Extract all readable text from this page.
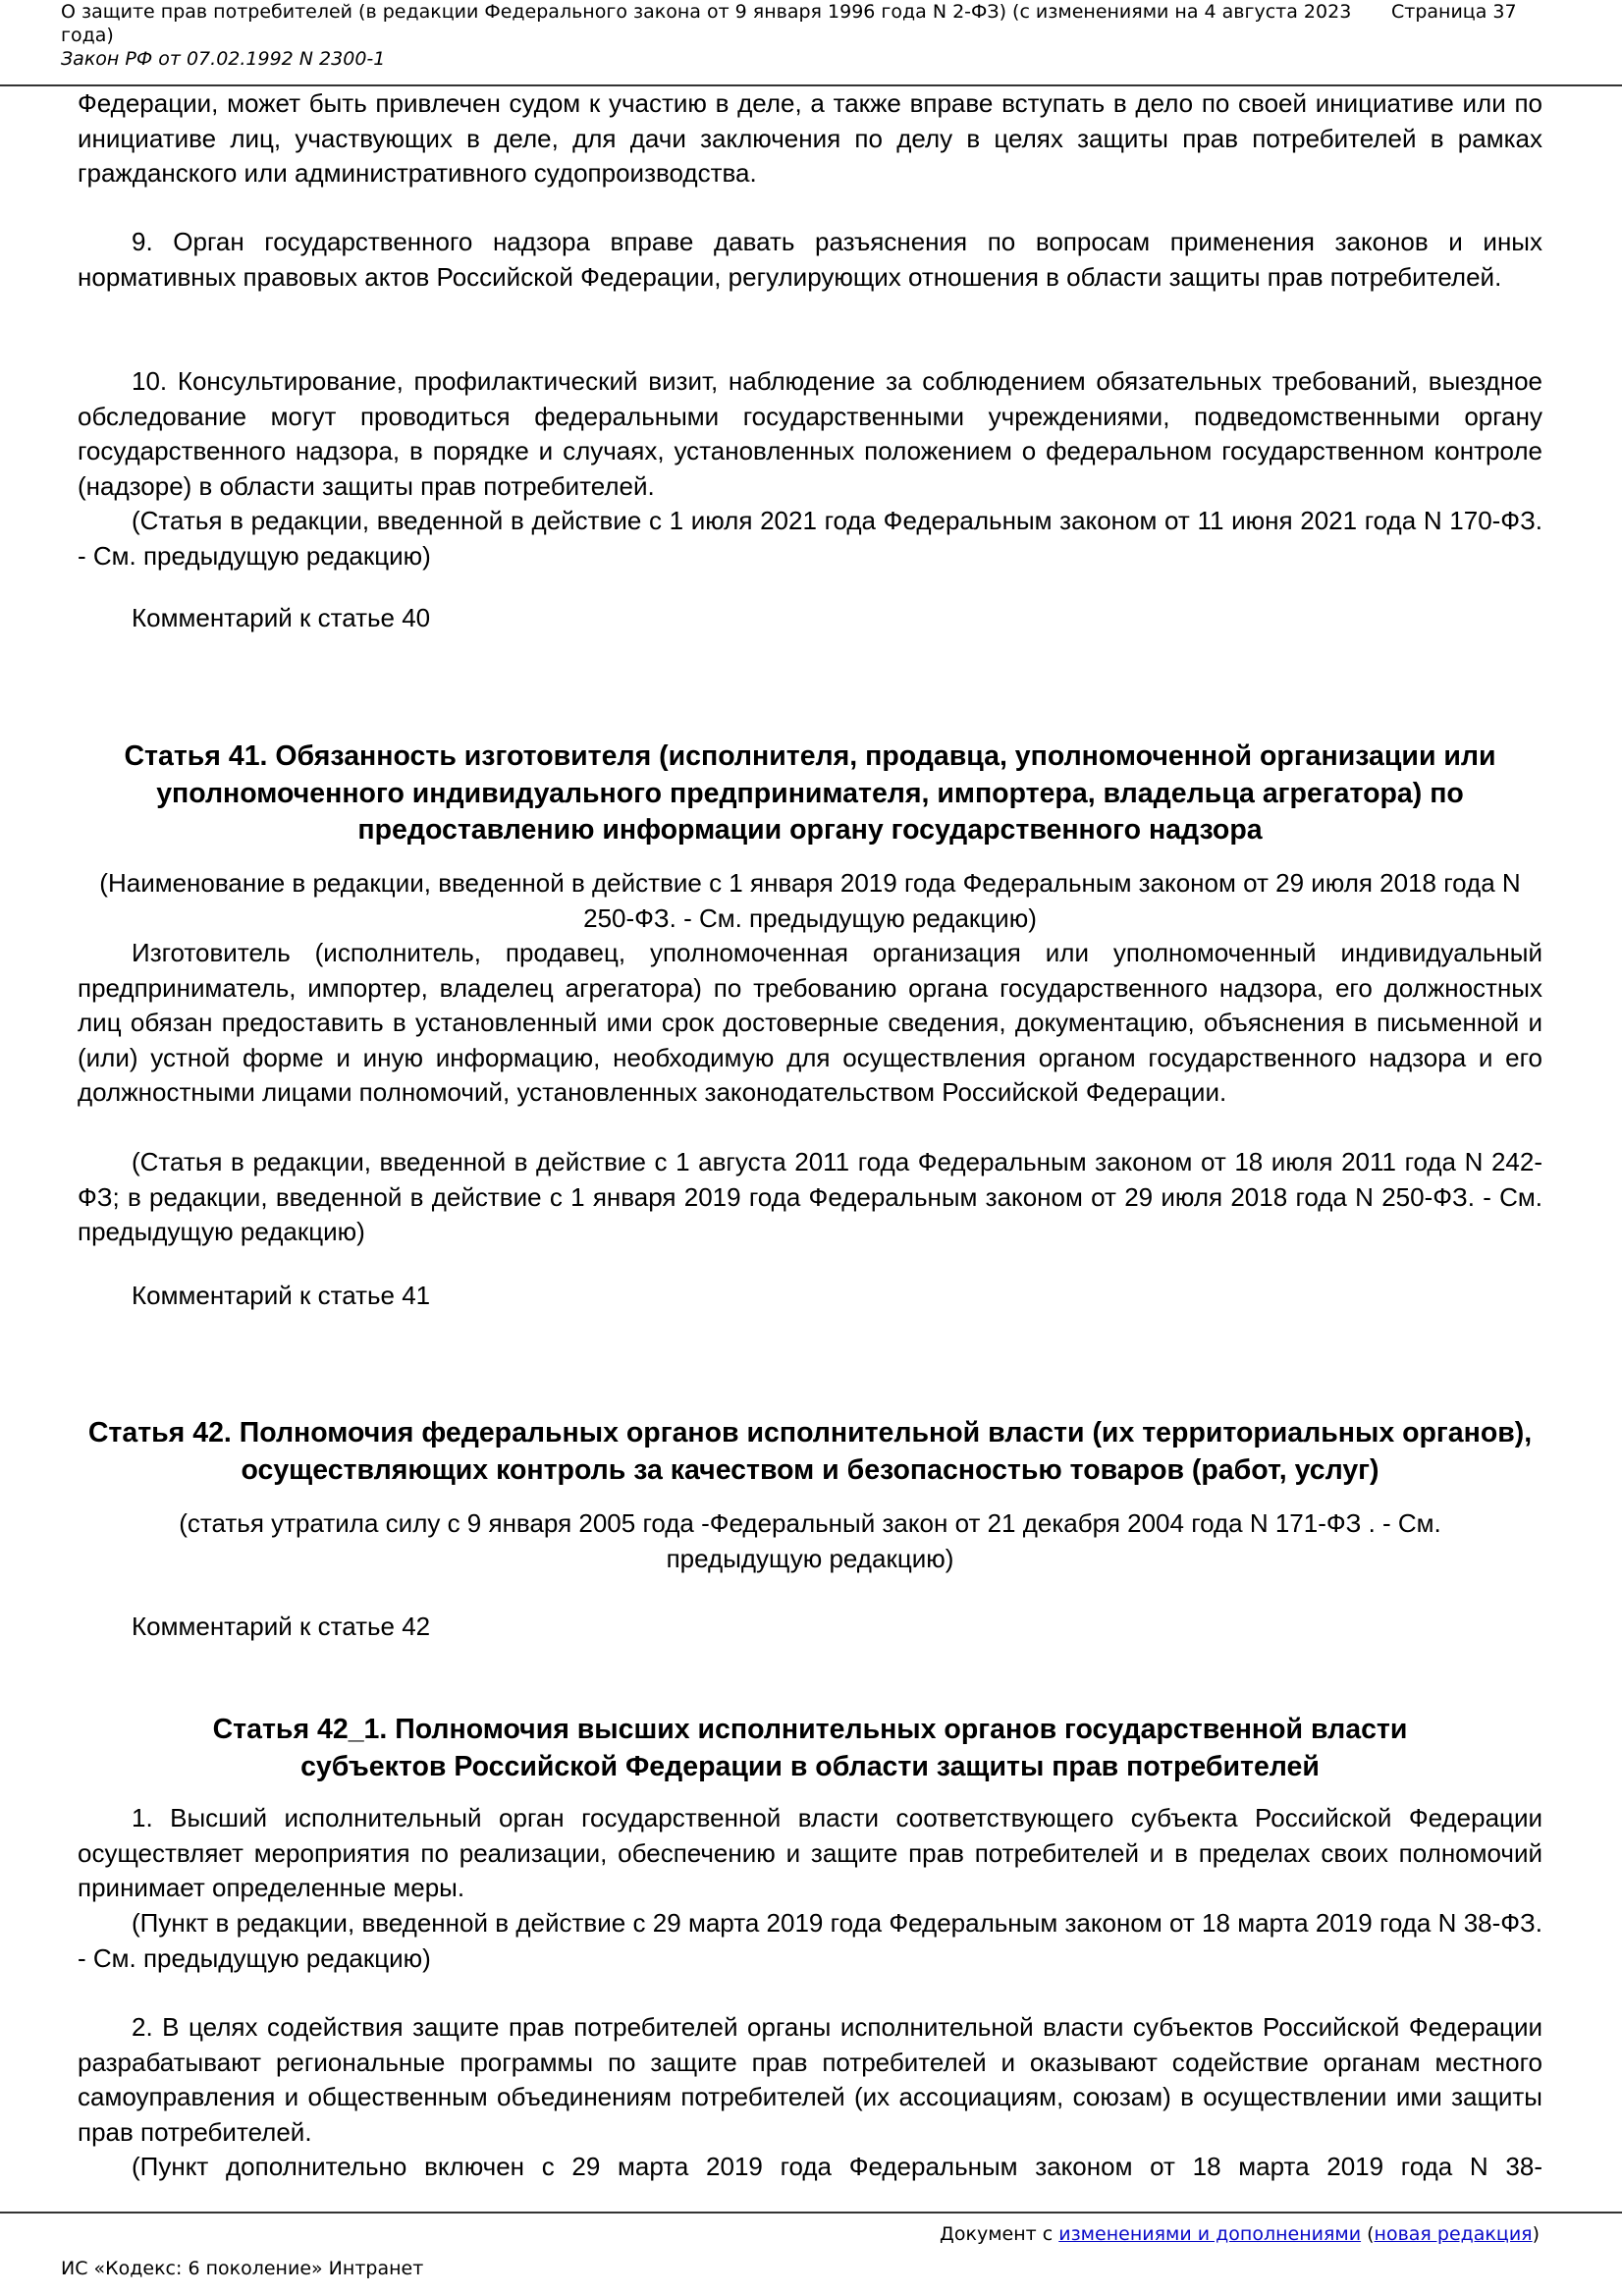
О защите прав потребителей (в редакции Федерального закона от 9 января 1996 года N 2-ФЗ) (с изменениями на 4 августа 2023 года)
Страница 37
Закон РФ от 07.02.1992 N 2300-1
Федерации, может быть привлечен судом к участию в деле, а также вправе вступать в дело по своей инициативе или по инициативе лиц, участвующих в деле, для дачи заключения по делу в целях защиты прав потребителей в рамках гражданского или административного судопроизводства.
9. Орган государственного надзора вправе давать разъяснения по вопросам применения законов и иных нормативных правовых актов Российской Федерации, регулирующих отношения в области защиты прав потребителей.
10. Консультирование, профилактический визит, наблюдение за соблюдением обязательных требований, выездное обследование могут проводиться федеральными государственными учреждениями, подведомственными органу государственного надзора, в порядке и случаях, установленных положением о федеральном государственном контроле (надзоре) в области защиты прав потребителей.
(Статья в редакции, введенной в действие с 1 июля 2021 года Федеральным законом от 11 июня 2021 года N 170-ФЗ. - См. предыдущую редакцию)
Комментарий к статье 40
Статья 41. Обязанность изготовителя (исполнителя, продавца, уполномоченной организации или уполномоченного индивидуального предпринимателя, импортера, владельца агрегатора) по предоставлению информации органу государственного надзора
(Наименование в редакции, введенной в действие с 1 января 2019 года Федеральным законом от 29 июля 2018 года N 250-ФЗ. - См. предыдущую редакцию)
Изготовитель (исполнитель, продавец, уполномоченная организация или уполномоченный индивидуальный предприниматель, импортер, владелец агрегатора) по требованию органа государственного надзора, его должностных лиц обязан предоставить в установленный ими срок достоверные сведения, документацию, объяснения в письменной и (или) устной форме и иную информацию, необходимую для осуществления органом государственного надзора и его должностными лицами полномочий, установленных законодательством Российской Федерации.
(Статья в редакции, введенной в действие с 1 августа 2011 года Федеральным законом от 18 июля 2011 года N 242-ФЗ; в редакции, введенной в действие с 1 января 2019 года Федеральным законом от 29 июля 2018 года N 250-ФЗ. - См. предыдущую редакцию)
Комментарий к статье 41
Статья 42. Полномочия федеральных органов исполнительной власти (их территориальных органов), осуществляющих контроль за качеством и безопасностью товаров (работ, услуг)
(статья утратила силу с 9 января 2005 года -Федеральный закон от 21 декабря 2004 года N 171-ФЗ . - См. предыдущую редакцию)
Комментарий к статье 42
Статья 42_1. Полномочия высших исполнительных органов государственной власти субъектов Российской Федерации в области защиты прав потребителей
1. Высший исполнительный орган государственной власти соответствующего субъекта Российской Федерации осуществляет мероприятия по реализации, обеспечению и защите прав потребителей и в пределах своих полномочий принимает определенные меры.
(Пункт в редакции, введенной в действие с 29 марта 2019 года Федеральным законом от 18 марта 2019 года N 38-ФЗ. - См. предыдущую редакцию)
2. В целях содействия защите прав потребителей органы исполнительной власти субъектов Российской Федерации разрабатывают региональные программы по защите прав потребителей и оказывают содействие органам местного самоуправления и общественным объединениям потребителей (их ассоциациям, союзам) в осуществлении ими защиты прав потребителей.
(Пункт дополнительно включен с 29 марта 2019 года Федеральным законом от 18 марта 2019 года N 38-
Документ с изменениями и дополнениями (новая редакция)
ИС «Кодекс: 6 поколение» Интранет
